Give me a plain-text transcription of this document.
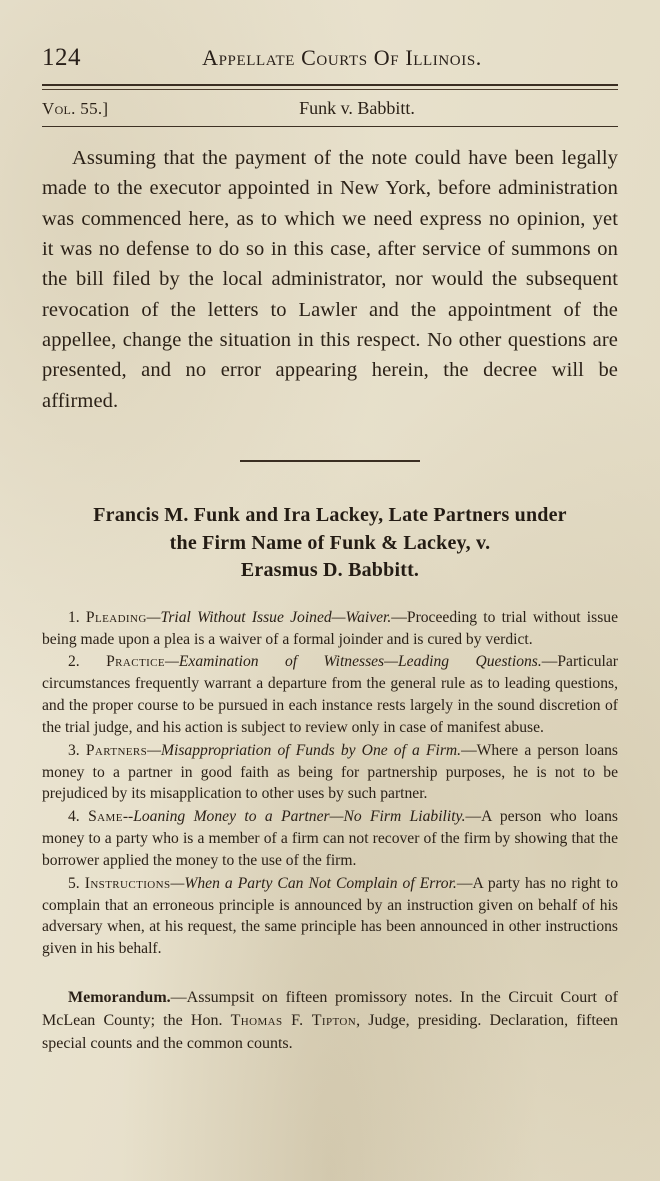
124	Appellate Courts Of Illinois.
Vol. 55.]	Funk v. Babbitt.

Assuming that the payment of the note could have been legally made to the executor appointed in New York, before administration was commenced here, as to which we need express no opinion, yet it was no defense to do so in this case, after service of summons on the bill filed by the local administrator, nor would the subsequent revocation of the letters to Lawler and the appointment of the appellee, change the situation in this respect. No other questions are presented, and no error appearing herein, the decree will be affirmed.

Francis M. Funk and Ira Lackey, Late Partners under
the Firm Name of Funk & Lackey, v.
Erasmus D. Babbitt.
1. Pleading—Trial Without Issue Joined—Waiver.—Proceeding to trial without issue being made upon a plea is a waiver of a formal joinder and is cured by verdict.
2. Practice—Examination of Witnesses—Leading Questions.—Particular circumstances frequently warrant a departure from the general rule as to leading questions, and the proper course to be pursued in each instance rests largely in the sound discretion of the trial judge, and his action is subject to review only in case of manifest abuse.
3. Partners—Misappropriation of Funds by One of a Firm.—Where a person loans money to a partner in good faith as being for partnership purposes, he is not to be prejudiced by its misapplication to other uses by such partner.
4. Same--Loaning Money to a Partner—No Firm Liability.—A person who loans money to a party who is a member of a firm can not recover of the firm by showing that the borrower applied the money to the use of the firm.
5. Instructions—When a Party Can Not Complain of Error.—A party has no right to complain that an erroneous principle is announced by an instruction given on behalf of his adversary when, at his request, the same principle has been announced in other instructions given in his behalf.
Memorandum.—Assumpsit on fifteen promissory notes. In the Circuit Court of McLean County; the Hon. Thomas F. Tipton, Judge, presiding. Declaration, fifteen special counts and the common counts.
